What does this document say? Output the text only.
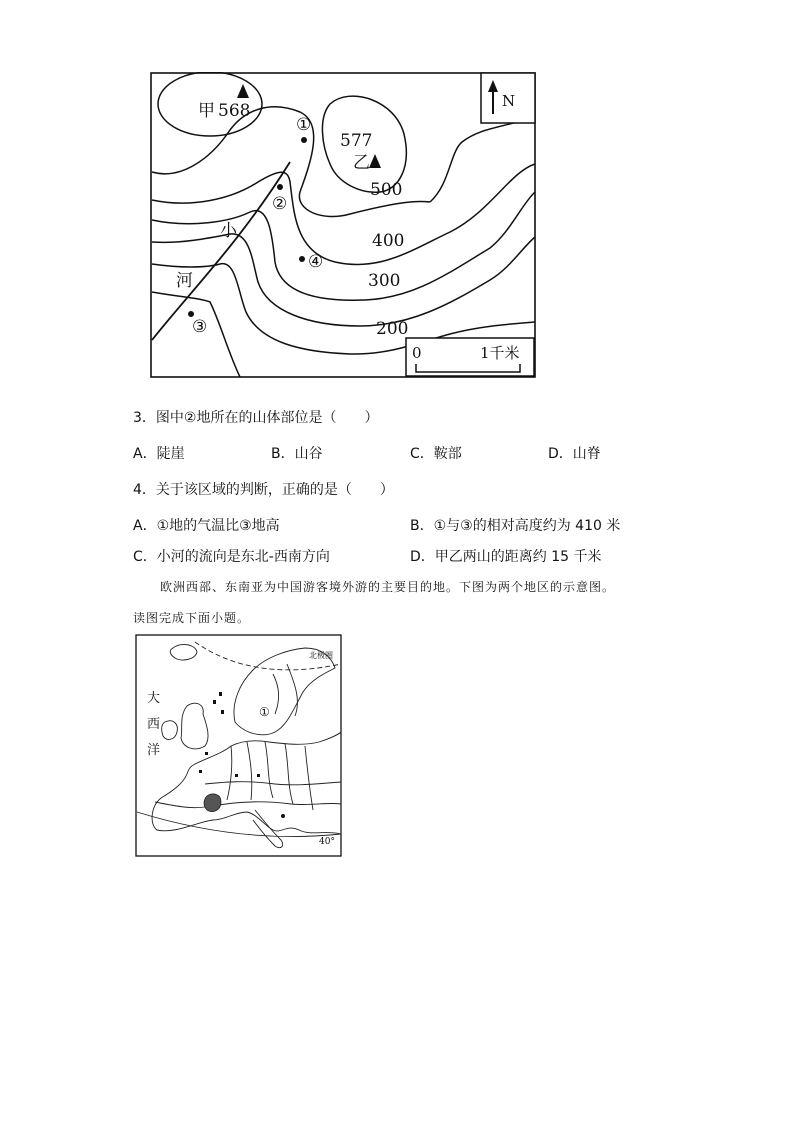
甲 568
577
乙
①
②
④
③
500
400
300
200
小
河
N
0	1千米
3．图中②地所在的山体部位是（　　）
A．陡崖	B．山谷	C．鞍部	D．山脊
4．关于该区域的判断，正确的是（　　）
A．①地的气温比③地高	B．①与③的相对高度约为 410 米
C．小河的流向是东北-西南方向	D．甲乙两山的距离约 15 千米
欧洲西部、东南亚为中国游客境外游的主要目的地。下图为两个地区的示意图。
读图完成下面小题。
大
西
洋
①
北极圈
40°
